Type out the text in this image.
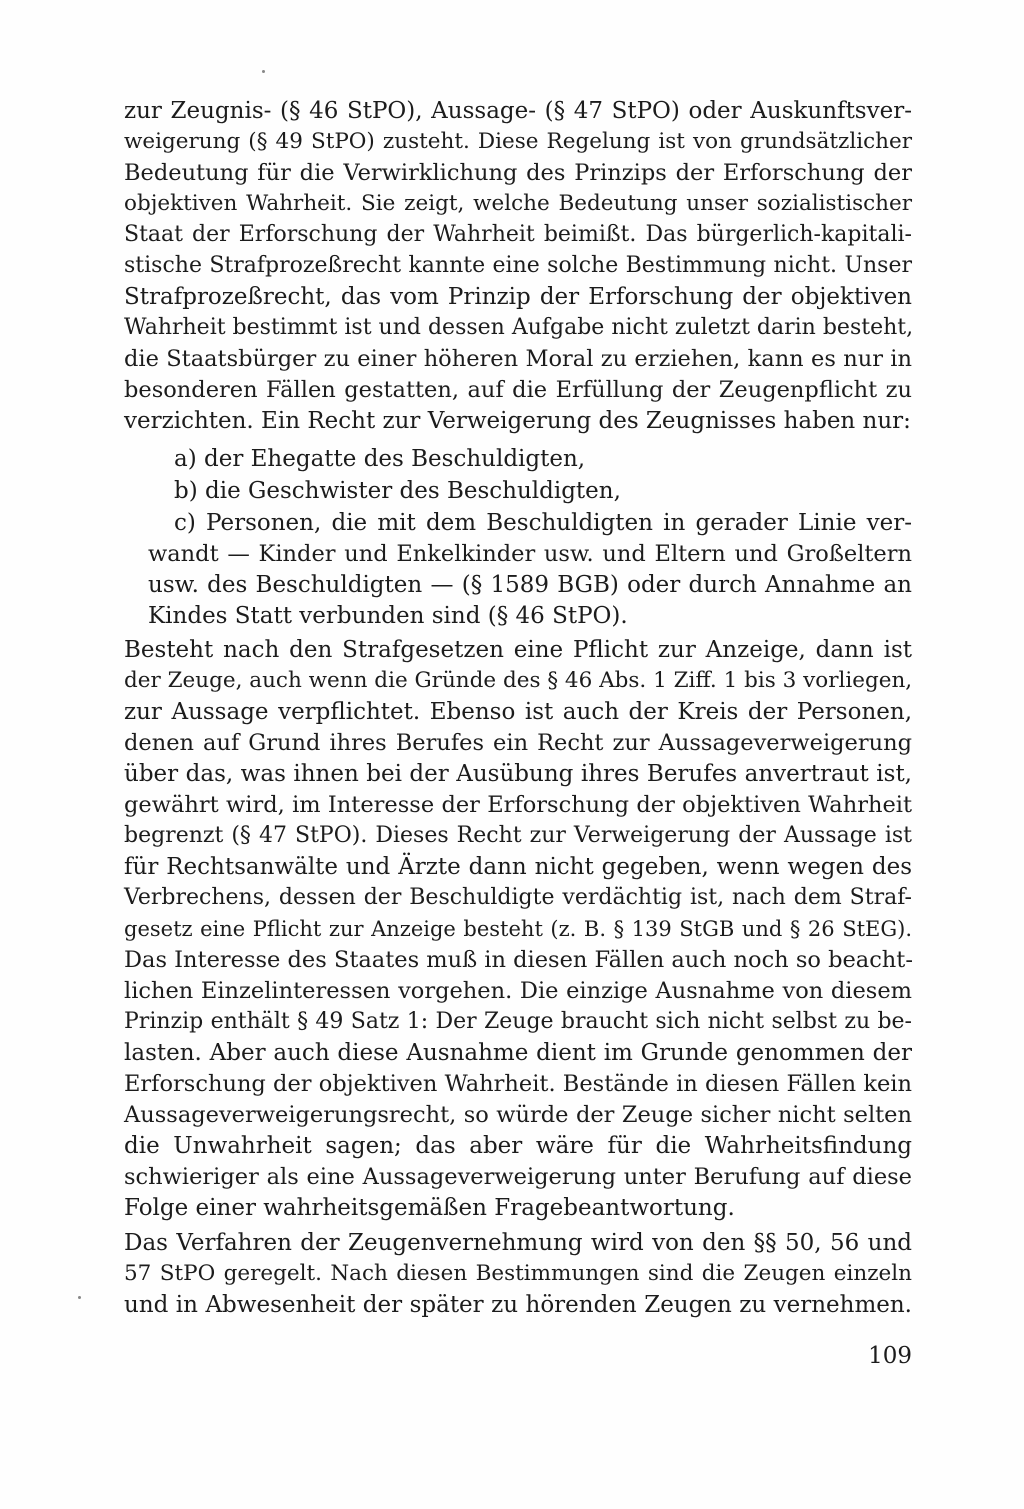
zur Zeugnis- (§ 46 StPO), Aussage- (§ 47 StPO) oder Auskunftsver-
weigerung (§ 49 StPO) zusteht. Diese Regelung ist von grundsätzlicher
Bedeutung für die Verwirklichung des Prinzips der Erforschung der
objektiven Wahrheit. Sie zeigt, welche Bedeutung unser sozialistischer
Staat der Erforschung der Wahrheit beimißt. Das bürgerlich-kapitali-
stische Strafprozeßrecht kannte eine solche Bestimmung nicht. Unser
Strafprozeßrecht, das vom Prinzip der Erforschung der objektiven
Wahrheit bestimmt ist und dessen Aufgabe nicht zuletzt darin besteht,
die Staatsbürger zu einer höheren Moral zu erziehen, kann es nur in
besonderen Fällen gestatten, auf die Erfüllung der Zeugenpflicht zu
verzichten. Ein Recht zur Verweigerung des Zeugnisses haben nur:
a) der Ehegatte des Beschuldigten,
b) die Geschwister des Beschuldigten,
c) Personen, die mit dem Beschuldigten in gerader Linie ver-
wandt — Kinder und Enkelkinder usw. und Eltern und Großeltern
usw. des Beschuldigten — (§ 1589 BGB) oder durch Annahme an
Kindes Statt verbunden sind (§ 46 StPO).
Besteht nach den Strafgesetzen eine Pflicht zur Anzeige, dann ist
der Zeuge, auch wenn die Gründe des § 46 Abs. 1 Ziff. 1 bis 3 vorliegen,
zur Aussage verpflichtet. Ebenso ist auch der Kreis der Personen,
denen auf Grund ihres Berufes ein Recht zur Aussageverweigerung
über das, was ihnen bei der Ausübung ihres Berufes anvertraut ist,
gewährt wird, im Interesse der Erforschung der objektiven Wahrheit
begrenzt (§ 47 StPO). Dieses Recht zur Verweigerung der Aussage ist
für Rechtsanwälte und Ärzte dann nicht gegeben, wenn wegen des
Verbrechens, dessen der Beschuldigte verdächtig ist, nach dem Straf-
gesetz eine Pflicht zur Anzeige besteht (z. B. § 139 StGB und § 26 StEG).
Das Interesse des Staates muß in diesen Fällen auch noch so beacht-
lichen Einzelinteressen vorgehen. Die einzige Ausnahme von diesem
Prinzip enthält § 49 Satz 1: Der Zeuge braucht sich nicht selbst zu be-
lasten. Aber auch diese Ausnahme dient im Grunde genommen der
Erforschung der objektiven Wahrheit. Bestände in diesen Fällen kein
Aussageverweigerungsrecht, so würde der Zeuge sicher nicht selten
die Unwahrheit sagen; das aber wäre für die Wahrheitsfindung
schwieriger als eine Aussageverweigerung unter Berufung auf diese
Folge einer wahrheitsgemäßen Fragebeantwortung.
Das Verfahren der Zeugenvernehmung wird von den §§ 50, 56 und
57 StPO geregelt. Nach diesen Bestimmungen sind die Zeugen einzeln
und in Abwesenheit der später zu hörenden Zeugen zu vernehmen.
109
